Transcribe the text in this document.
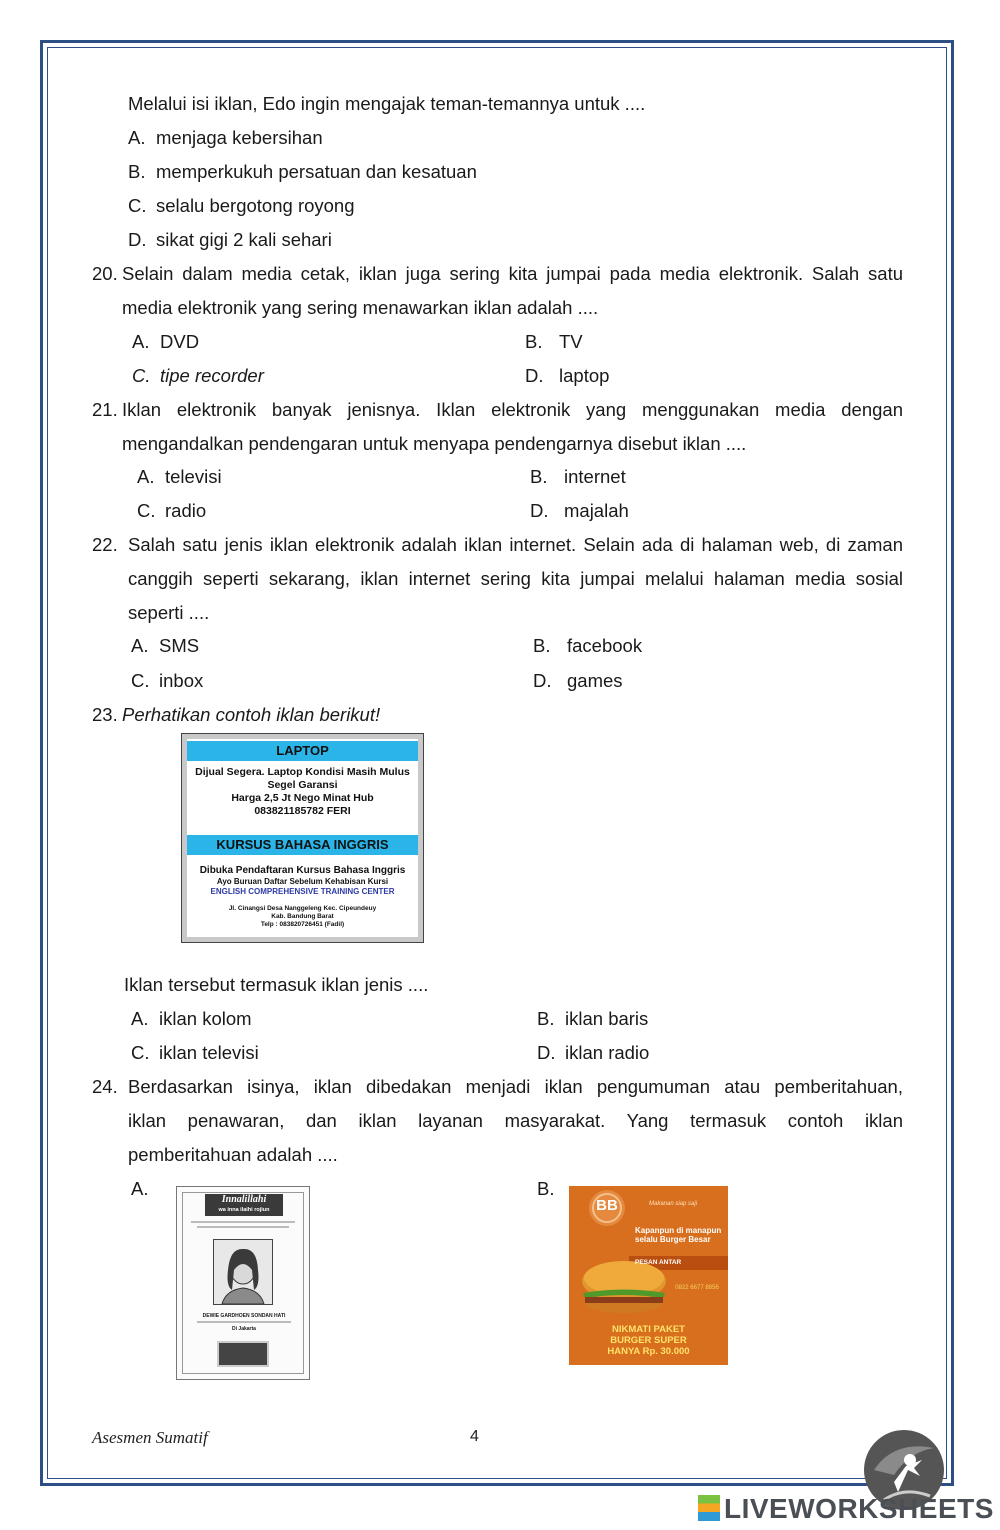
Melalui isi iklan, Edo ingin mengajak teman-temannya untuk ....
A. menjaga kebersihan
B. memperkukuh persatuan dan kesatuan
C. selalu bergotong royong
D. sikat gigi 2 kali sehari
20. Selain dalam media cetak, iklan juga sering kita jumpai pada media elektronik. Salah satu
media elektronik yang sering menawarkan iklan adalah ....
A. DVD	B. TV
C. tipe recorder	D. laptop
21. Iklan elektronik banyak jenisnya. Iklan elektronik yang menggunakan media dengan
mengandalkan pendengaran untuk menyapa pendengarnya disebut iklan ....
A. televisi	B. internet
C. radio	D. majalah
22. Salah satu jenis iklan elektronik adalah iklan internet. Selain ada di halaman web, di zaman
canggih seperti sekarang, iklan internet sering kita jumpai melalui halaman media sosial
seperti ....
A. SMS	B. facebook
C. inbox	D. games
23. Perhatikan contoh iklan berikut!
LAPTOP
Dijual Segera. Laptop Kondisi Masih Mulus
Segel Garansi
Harga 2,5 Jt Nego Minat Hub
083821185782 FERI
KURSUS BAHASA INGGRIS
Dibuka Pendaftaran Kursus Bahasa Inggris
Ayo Buruan Daftar Sebelum Kehabisan Kursi
ENGLISH COMPREHENSIVE TRAINING CENTER
Jl. Cinangsi Desa Nanggeleng Kec. Cipeundeuy
Kab. Bandung Barat
Telp : 083820726451 (Fadil)
Iklan tersebut termasuk iklan jenis ....
A. iklan kolom	B. iklan baris
C. iklan televisi	D. iklan radio
24. Berdasarkan isinya, iklan dibedakan menjadi iklan pengumuman atau pemberitahuan,
iklan penawaran, dan iklan layanan masyarakat. Yang termasuk contoh iklan
pemberitahuan adalah ....
A.	B.
Innalillahi
wa inna ilaihi rojiun
DEWIE GARDHOEN SONDAN HATI
Di Jakarta
BB	Makanan siap saji
Kapanpun di manapun
selalu Burger Besar
PESAN ANTAR
0822 6677 8856
NIKMATI PAKET
BURGER SUPER
HANYA Rp. 30.000
Asesmen Sumatif	4
LIVEWORKSHEETS
